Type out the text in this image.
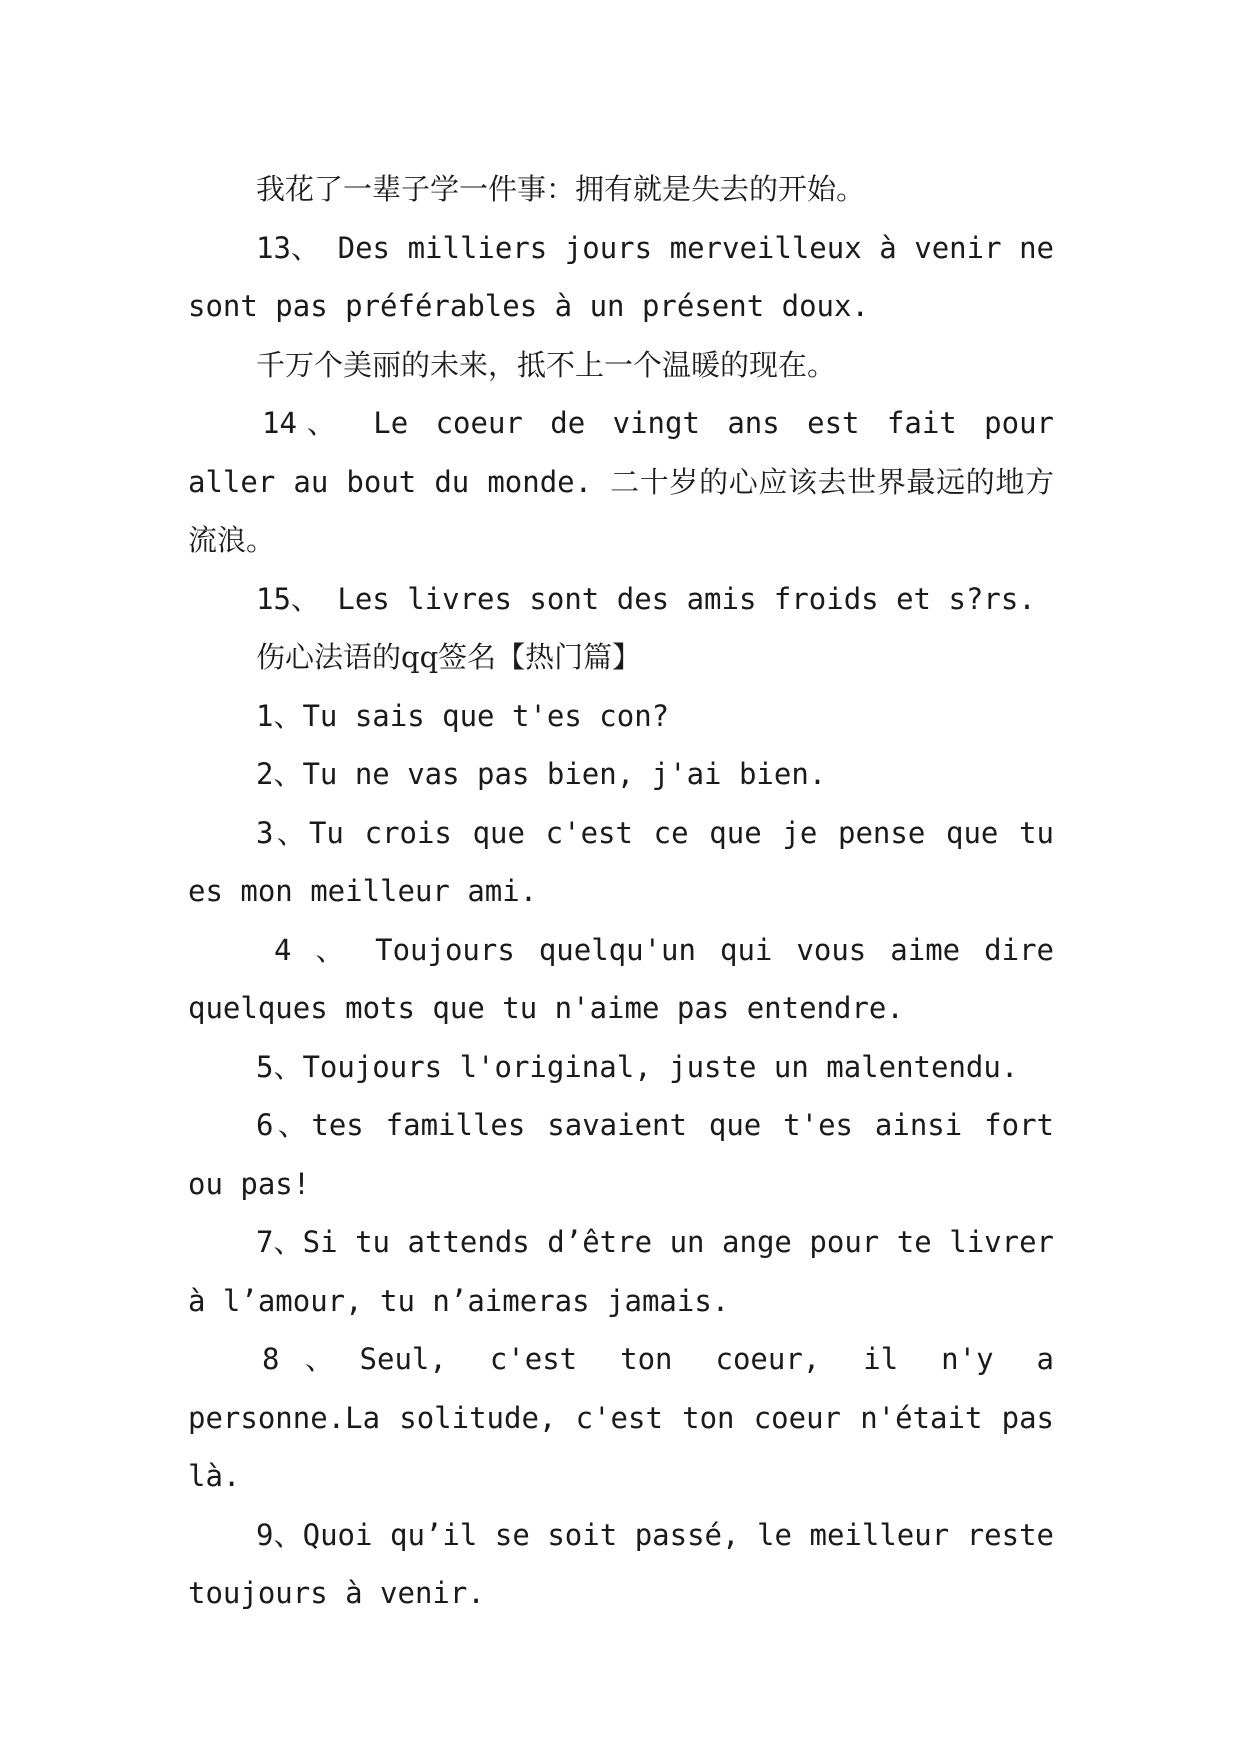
我花了一辈子学一件事：拥有就是失去的开始。

13、 Des milliers jours merveilleux à venir ne sont pas préférables à un présent doux.

千万个美丽的未来，抵不上一个温暖的现在。

14、 Le coeur de vingt ans est fait pour aller au bout du monde. 二十岁的心应该去世界最远的地方流浪。

15、 Les livres sont des amis froids et s?rs.

伤心法语的qq签名【热门篇】

1、Tu sais que t'es con?

2、Tu ne vas pas bien, j'ai bien.

3、Tu crois que c'est ce que je pense que tu es mon meilleur ami.

4 、 Toujours quelqu'un qui vous aime dire quelques mots que tu n'aime pas entendre.

5、Toujours l'original, juste un malentendu.

6、tes familles savaient que t'es ainsi fort ou pas!

7、Si tu attends d’être un ange pour te livrer à l’amour, tu n’aimeras jamais.

8、Seul, c'est ton coeur, il n'y a personne.La solitude, c'est ton coeur n'était pas là.

9、Quoi qu’il se soit passé, le meilleur reste toujours à venir.
